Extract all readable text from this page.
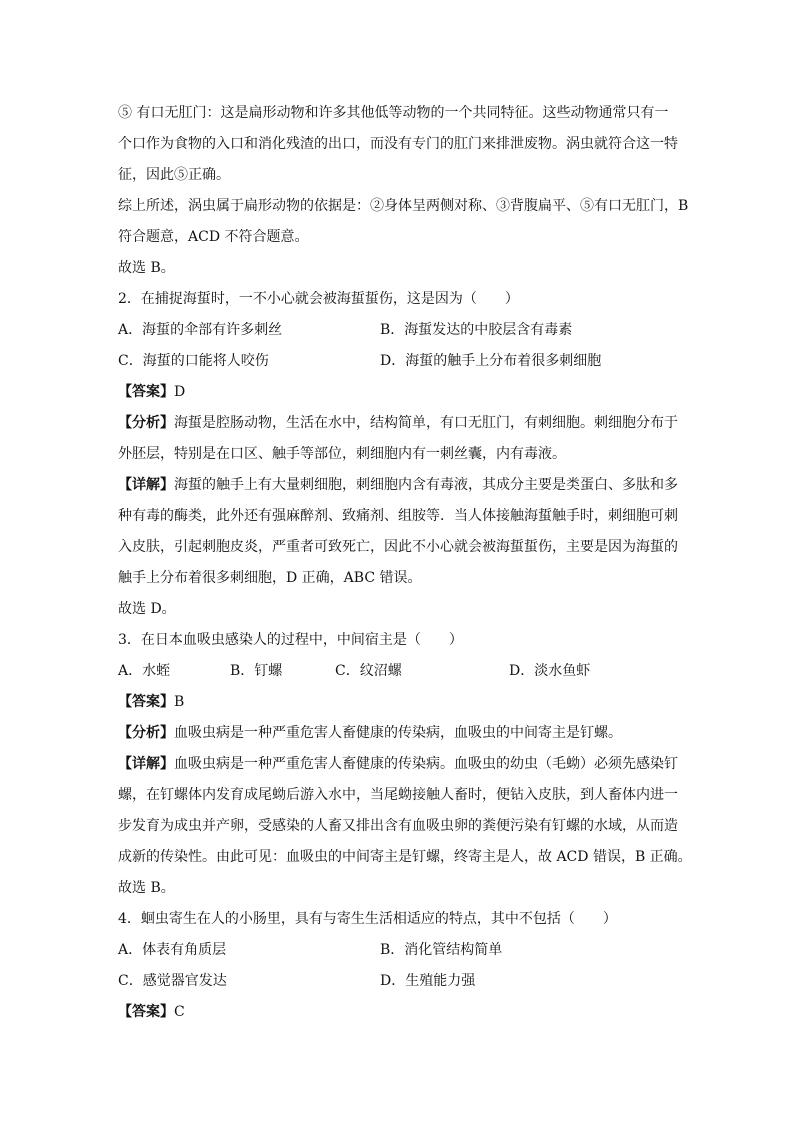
⑤ 有口无肛门：这是扁形动物和许多其他低等动物的一个共同特征。这些动物通常只有一

个口作为食物的入口和消化残渣的出口，而没有专门的肛门来排泄废物。涡虫就符合这一特

征，因此⑤正确。

综上所述，涡虫属于扁形动物的依据是：②身体呈两侧对称、③背腹扁平、⑤有口无肛门，B

符合题意，ACD 不符合题意。

故选 B。

2．在捕捉海蜇时，一不小心就会被海蜇蜇伤，这是因为（　　）

A．海蜇的伞部有许多刺丝	B．海蜇发达的中胶层含有毒素
C．海蜇的口能将人咬伤	D．海蜇的触手上分布着很多刺细胞

【答案】D

【分析】海蜇是腔肠动物，生活在水中，结构简单，有口无肛门，有刺细胞。刺细胞分布于

外胚层，特别是在口区、触手等部位，刺细胞内有一刺丝囊，内有毒液。

【详解】海蜇的触手上有大量刺细胞，刺细胞内含有毒液，其成分主要是类蛋白、多肽和多

种有毒的酶类，此外还有强麻醉剂、致痛剂、组胺等．当人体接触海蜇触手时，刺细胞可刺

入皮肤，引起刺胞皮炎，严重者可致死亡，因此不小心就会被海蜇蜇伤，主要是因为海蜇的

触手上分布着很多刺细胞，D 正确，ABC 错误。

故选 D。

3．在日本血吸虫感染人的过程中，中间宿主是（　　）

A．水蛭	B．钉螺	C．纹沼螺	D．淡水鱼虾

【答案】B

【分析】血吸虫病是一种严重危害人畜健康的传染病，血吸虫的中间寄主是钉螺。

【详解】血吸虫病是一种严重危害人畜健康的传染病。血吸虫的幼虫（毛蚴）必须先感染钉

螺，在钉螺体内发育成尾蚴后游入水中，当尾蚴接触人畜时，便钻入皮肤，到人畜体内进一

步发育为成虫并产卵，受感染的人畜又排出含有血吸虫卵的粪便污染有钉螺的水域，从而造

成新的传染性。由此可见：血吸虫的中间寄主是钉螺，终寄主是人，故 ACD 错误，B 正确。

故选 B。

4．蛔虫寄生在人的小肠里，具有与寄生生活相适应的特点，其中不包括（　　）

A．体表有角质层	B．消化管结构简单
C．感觉器官发达	D．生殖能力强

【答案】C
